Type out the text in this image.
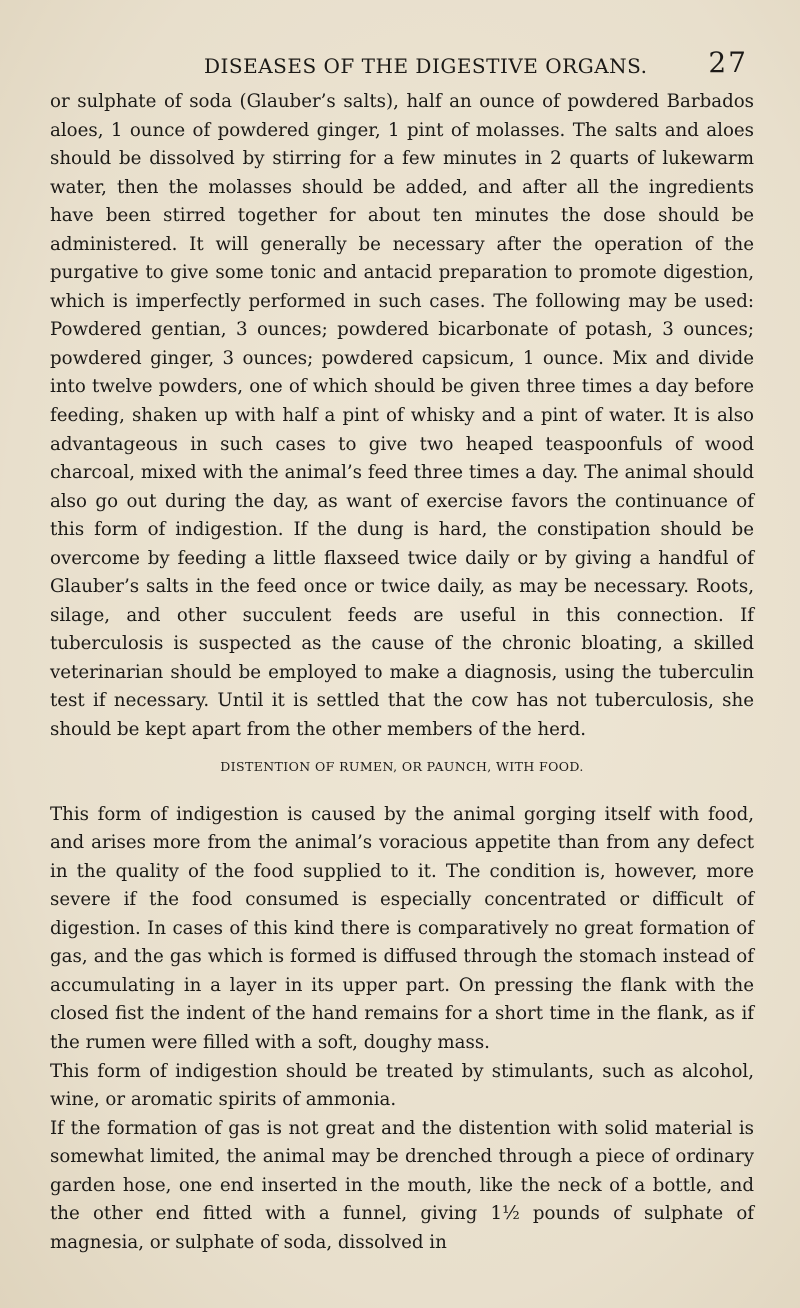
DISEASES OF THE DIGESTIVE ORGANS. 27

or sulphate of soda (Glauber’s salts), half an ounce of powdered Barbados aloes, 1 ounce of powdered ginger, 1 pint of molasses. The salts and aloes should be dissolved by stirring for a few minutes in 2 quarts of lukewarm water, then the molasses should be added, and after all the ingredients have been stirred together for about ten minutes the dose should be administered. It will generally be necessary after the operation of the purgative to give some tonic and antacid preparation to promote digestion, which is imperfectly performed in such cases. The following may be used: Powdered gentian, 3 ounces; powdered bicarbonate of potash, 3 ounces; powdered ginger, 3 ounces; powdered capsicum, 1 ounce. Mix and divide into twelve powders, one of which should be given three times a day before feeding, shaken up with half a pint of whisky and a pint of water. It is also advantageous in such cases to give two heaped teaspoonfuls of wood charcoal, mixed with the animal’s feed three times a day. The animal should also go out during the day, as want of exercise favors the continuance of this form of indigestion. If the dung is hard, the constipation should be overcome by feeding a little flaxseed twice daily or by giving a handful of Glauber’s salts in the feed once or twice daily, as may be necessary. Roots, silage, and other succulent feeds are useful in this connection. If tuberculosis is suspected as the cause of the chronic bloating, a skilled veterinarian should be employed to make a diagnosis, using the tuberculin test if necessary. Until it is settled that the cow has not tuberculosis, she should be kept apart from the other members of the herd.

DISTENTION OF RUMEN, OR PAUNCH, WITH FOOD.

This form of indigestion is caused by the animal gorging itself with food, and arises more from the animal’s voracious appetite than from any defect in the quality of the food supplied to it. The condition is, however, more severe if the food consumed is especially concentrated or difficult of digestion. In cases of this kind there is comparatively no great formation of gas, and the gas which is formed is diffused through the stomach instead of accumulating in a layer in its upper part. On pressing the flank with the closed fist the indent of the hand remains for a short time in the flank, as if the rumen were filled with a soft, doughy mass.

This form of indigestion should be treated by stimulants, such as alcohol, wine, or aromatic spirits of ammonia.

If the formation of gas is not great and the distention with solid material is somewhat limited, the animal may be drenched through a piece of ordinary garden hose, one end inserted in the mouth, like the neck of a bottle, and the other end fitted with a funnel, giving 1½ pounds of sulphate of magnesia, or sulphate of soda, dissolved in
